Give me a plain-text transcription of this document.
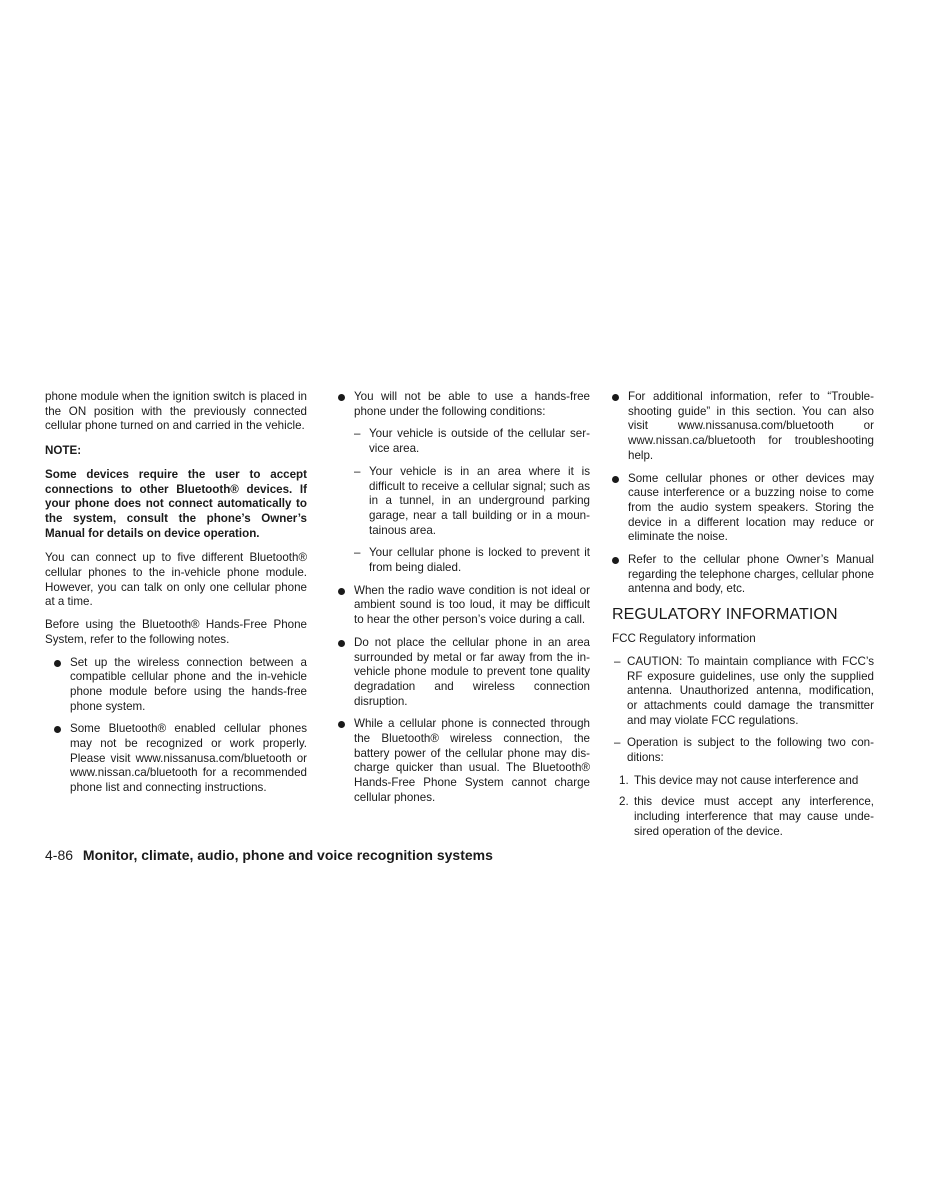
phone module when the ignition switch is placed in the ON position with the previously connected cellular phone turned on and carried in the vehicle.

NOTE:

Some devices require the user to accept connections to other Bluetooth® devices. If your phone does not connect automatically to the system, consult the phone’s Owner’s Manual for details on device operation.

You can connect up to five different Bluetooth® cellular phones to the in-vehicle phone module. However, you can talk on only one cellular phone at a time.

Before using the Bluetooth® Hands-Free Phone System, refer to the following notes.

Set up the wireless connection between a compatible cellular phone and the in-vehicle phone module before using the hands-free phone system.

Some Bluetooth® enabled cellular phones may not be recognized or work properly. Please visit www.nissanusa.com/bluetooth or www.nissan.ca/bluetooth for a recommended phone list and connecting instructions.

You will not be able to use a hands-free phone under the following conditions:

– Your vehicle is outside of the cellular service area.

– Your vehicle is in an area where it is difficult to receive a cellular signal; such as in a tunnel, in an underground parking garage, near a tall building or in a mountainous area.

– Your cellular phone is locked to prevent it from being dialed.

When the radio wave condition is not ideal or ambient sound is too loud, it may be difficult to hear the other person’s voice during a call.

Do not place the cellular phone in an area surrounded by metal or far away from the in-vehicle phone module to prevent tone quality degradation and wireless connection disruption.

While a cellular phone is connected through the Bluetooth® wireless connection, the battery power of the cellular phone may discharge quicker than usual. The Bluetooth® Hands-Free Phone System cannot charge cellular phones.

For additional information, refer to “Troubleshooting guide” in this section. You can also visit www.nissanusa.com/bluetooth or www.nissan.ca/bluetooth for troubleshooting help.

Some cellular phones or other devices may cause interference or a buzzing noise to come from the audio system speakers. Storing the device in a different location may reduce or eliminate the noise.

Refer to the cellular phone Owner’s Manual regarding the telephone charges, cellular phone antenna and body, etc.

REGULATORY INFORMATION

FCC Regulatory information

– CAUTION: To maintain compliance with FCC’s RF exposure guidelines, use only the supplied antenna. Unauthorized antenna, modification, or attachments could damage the transmitter and may violate FCC regulations.

– Operation is subject to the following two conditions:

1. This device may not cause interference and

2. this device must accept any interference, including interference that may cause undesired operation of the device.

4-86 Monitor, climate, audio, phone and voice recognition systems
